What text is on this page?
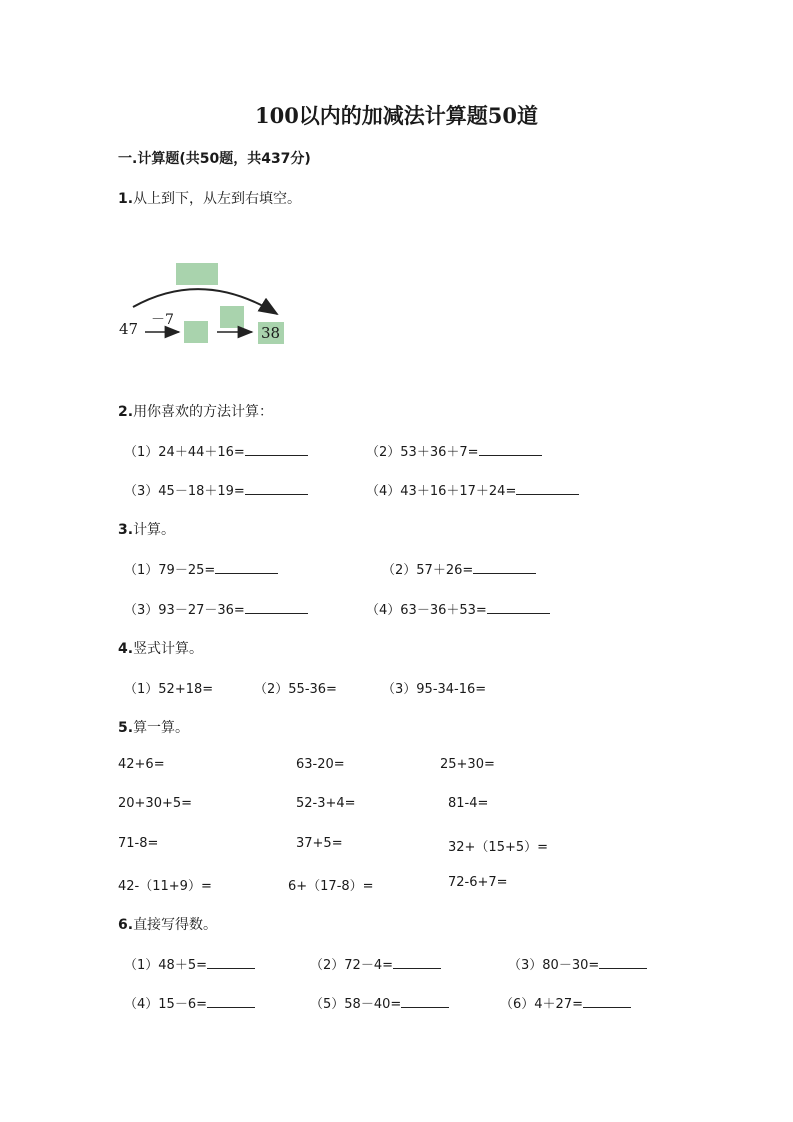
100以内的加减法计算题50道
一.计算题(共50题，共437分)
1.从上到下，从左到右填空。
47 －7
38
2.用你喜欢的方法计算：
（1）24＋44＋16=	（2）53＋36＋7=
（3）45－18＋19=	（4）43＋16＋17＋24=
3.计算。
（1）79－25=	（2）57＋26=
（3）93－27－36=	（4）63－36＋53=
4.竖式计算。
（1）52+18=	（2）55-36=	（3）95-34-16=
5.算一算。
42+6=	63-20=	25+30=
20+30+5=	52-3+4=	81-4=
71-8=	37+5=	32+（15+5）=
42-（11+9）=	6+（17-8）=	72-6+7=
6.直接写得数。
（1）48＋5=	（2）72－4=	（3）80－30=
（4）15－6=	（5）58－40=	（6）4＋27=
